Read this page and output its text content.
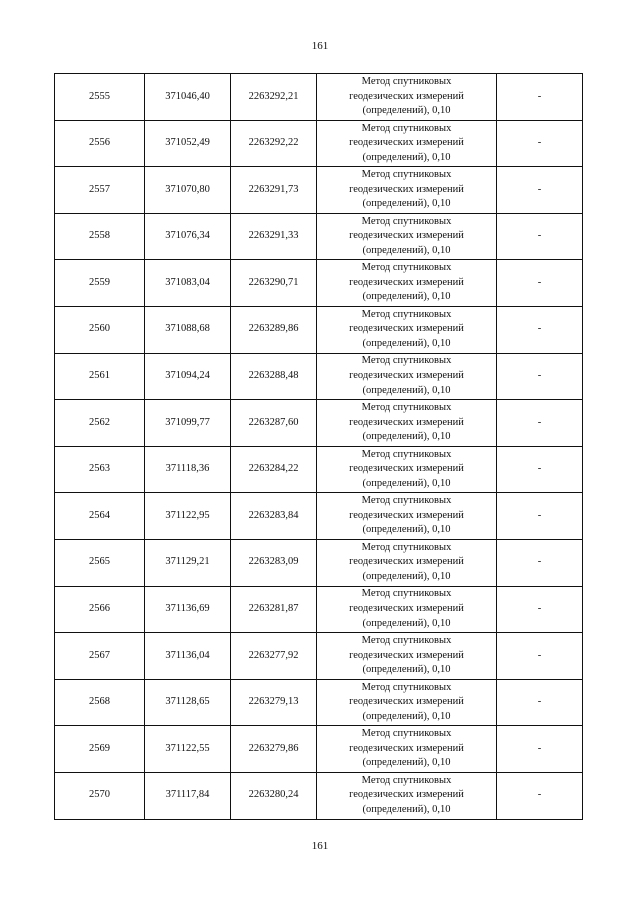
161
2555	371046,40	2263292,21	Метод спутниковых геодезических измерений (определений), 0,10	-
2556	371052,49	2263292,22	Метод спутниковых геодезических измерений (определений), 0,10	-
2557	371070,80	2263291,73	Метод спутниковых геодезических измерений (определений), 0,10	-
2558	371076,34	2263291,33	Метод спутниковых геодезических измерений (определений), 0,10	-
2559	371083,04	2263290,71	Метод спутниковых геодезических измерений (определений), 0,10	-
2560	371088,68	2263289,86	Метод спутниковых геодезических измерений (определений), 0,10	-
2561	371094,24	2263288,48	Метод спутниковых геодезических измерений (определений), 0,10	-
2562	371099,77	2263287,60	Метод спутниковых геодезических измерений (определений), 0,10	-
2563	371118,36	2263284,22	Метод спутниковых геодезических измерений (определений), 0,10	-
2564	371122,95	2263283,84	Метод спутниковых геодезических измерений (определений), 0,10	-
2565	371129,21	2263283,09	Метод спутниковых геодезических измерений (определений), 0,10	-
2566	371136,69	2263281,87	Метод спутниковых геодезических измерений (определений), 0,10	-
2567	371136,04	2263277,92	Метод спутниковых геодезических измерений (определений), 0,10	-
2568	371128,65	2263279,13	Метод спутниковых геодезических измерений (определений), 0,10	-
2569	371122,55	2263279,86	Метод спутниковых геодезических измерений (определений), 0,10	-
2570	371117,84	2263280,24	Метод спутниковых геодезических измерений (определений), 0,10	-
161
